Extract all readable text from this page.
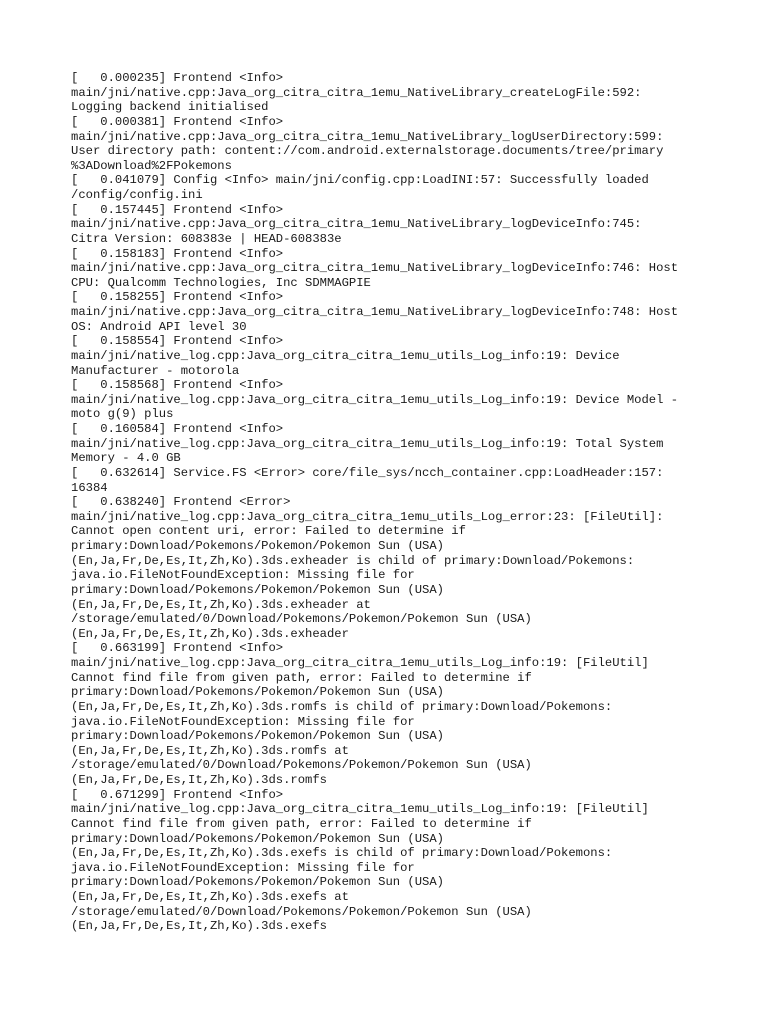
[   0.000235] Frontend <Info>
main/jni/native.cpp:Java_org_citra_citra_1emu_NativeLibrary_createLogFile:592:
Logging backend initialised
[   0.000381] Frontend <Info>
main/jni/native.cpp:Java_org_citra_citra_1emu_NativeLibrary_logUserDirectory:599:
User directory path: content://com.android.externalstorage.documents/tree/primary
%3ADownload%2FPokemons
[   0.041079] Config <Info> main/jni/config.cpp:LoadINI:57: Successfully loaded
/config/config.ini
[   0.157445] Frontend <Info>
main/jni/native.cpp:Java_org_citra_citra_1emu_NativeLibrary_logDeviceInfo:745:
Citra Version: 608383e | HEAD-608383e
[   0.158183] Frontend <Info>
main/jni/native.cpp:Java_org_citra_citra_1emu_NativeLibrary_logDeviceInfo:746: Host
CPU: Qualcomm Technologies, Inc SDMMAGPIE
[   0.158255] Frontend <Info>
main/jni/native.cpp:Java_org_citra_citra_1emu_NativeLibrary_logDeviceInfo:748: Host
OS: Android API level 30
[   0.158554] Frontend <Info>
main/jni/native_log.cpp:Java_org_citra_citra_1emu_utils_Log_info:19: Device
Manufacturer - motorola
[   0.158568] Frontend <Info>
main/jni/native_log.cpp:Java_org_citra_citra_1emu_utils_Log_info:19: Device Model -
moto g(9) plus
[   0.160584] Frontend <Info>
main/jni/native_log.cpp:Java_org_citra_citra_1emu_utils_Log_info:19: Total System
Memory - 4.0 GB
[   0.632614] Service.FS <Error> core/file_sys/ncch_container.cpp:LoadHeader:157:
16384
[   0.638240] Frontend <Error>
main/jni/native_log.cpp:Java_org_citra_citra_1emu_utils_Log_error:23: [FileUtil]:
Cannot open content uri, error: Failed to determine if
primary:Download/Pokemons/Pokemon/Pokemon Sun (USA)
(En,Ja,Fr,De,Es,It,Zh,Ko).3ds.exheader is child of primary:Download/Pokemons:
java.io.FileNotFoundException: Missing file for
primary:Download/Pokemons/Pokemon/Pokemon Sun (USA)
(En,Ja,Fr,De,Es,It,Zh,Ko).3ds.exheader at
/storage/emulated/0/Download/Pokemons/Pokemon/Pokemon Sun (USA)
(En,Ja,Fr,De,Es,It,Zh,Ko).3ds.exheader
[   0.663199] Frontend <Info>
main/jni/native_log.cpp:Java_org_citra_citra_1emu_utils_Log_info:19: [FileUtil]
Cannot find file from given path, error: Failed to determine if
primary:Download/Pokemons/Pokemon/Pokemon Sun (USA)
(En,Ja,Fr,De,Es,It,Zh,Ko).3ds.romfs is child of primary:Download/Pokemons:
java.io.FileNotFoundException: Missing file for
primary:Download/Pokemons/Pokemon/Pokemon Sun (USA)
(En,Ja,Fr,De,Es,It,Zh,Ko).3ds.romfs at
/storage/emulated/0/Download/Pokemons/Pokemon/Pokemon Sun (USA)
(En,Ja,Fr,De,Es,It,Zh,Ko).3ds.romfs
[   0.671299] Frontend <Info>
main/jni/native_log.cpp:Java_org_citra_citra_1emu_utils_Log_info:19: [FileUtil]
Cannot find file from given path, error: Failed to determine if
primary:Download/Pokemons/Pokemon/Pokemon Sun (USA)
(En,Ja,Fr,De,Es,It,Zh,Ko).3ds.exefs is child of primary:Download/Pokemons:
java.io.FileNotFoundException: Missing file for
primary:Download/Pokemons/Pokemon/Pokemon Sun (USA)
(En,Ja,Fr,De,Es,It,Zh,Ko).3ds.exefs at
/storage/emulated/0/Download/Pokemons/Pokemon/Pokemon Sun (USA)
(En,Ja,Fr,De,Es,It,Zh,Ko).3ds.exefs
